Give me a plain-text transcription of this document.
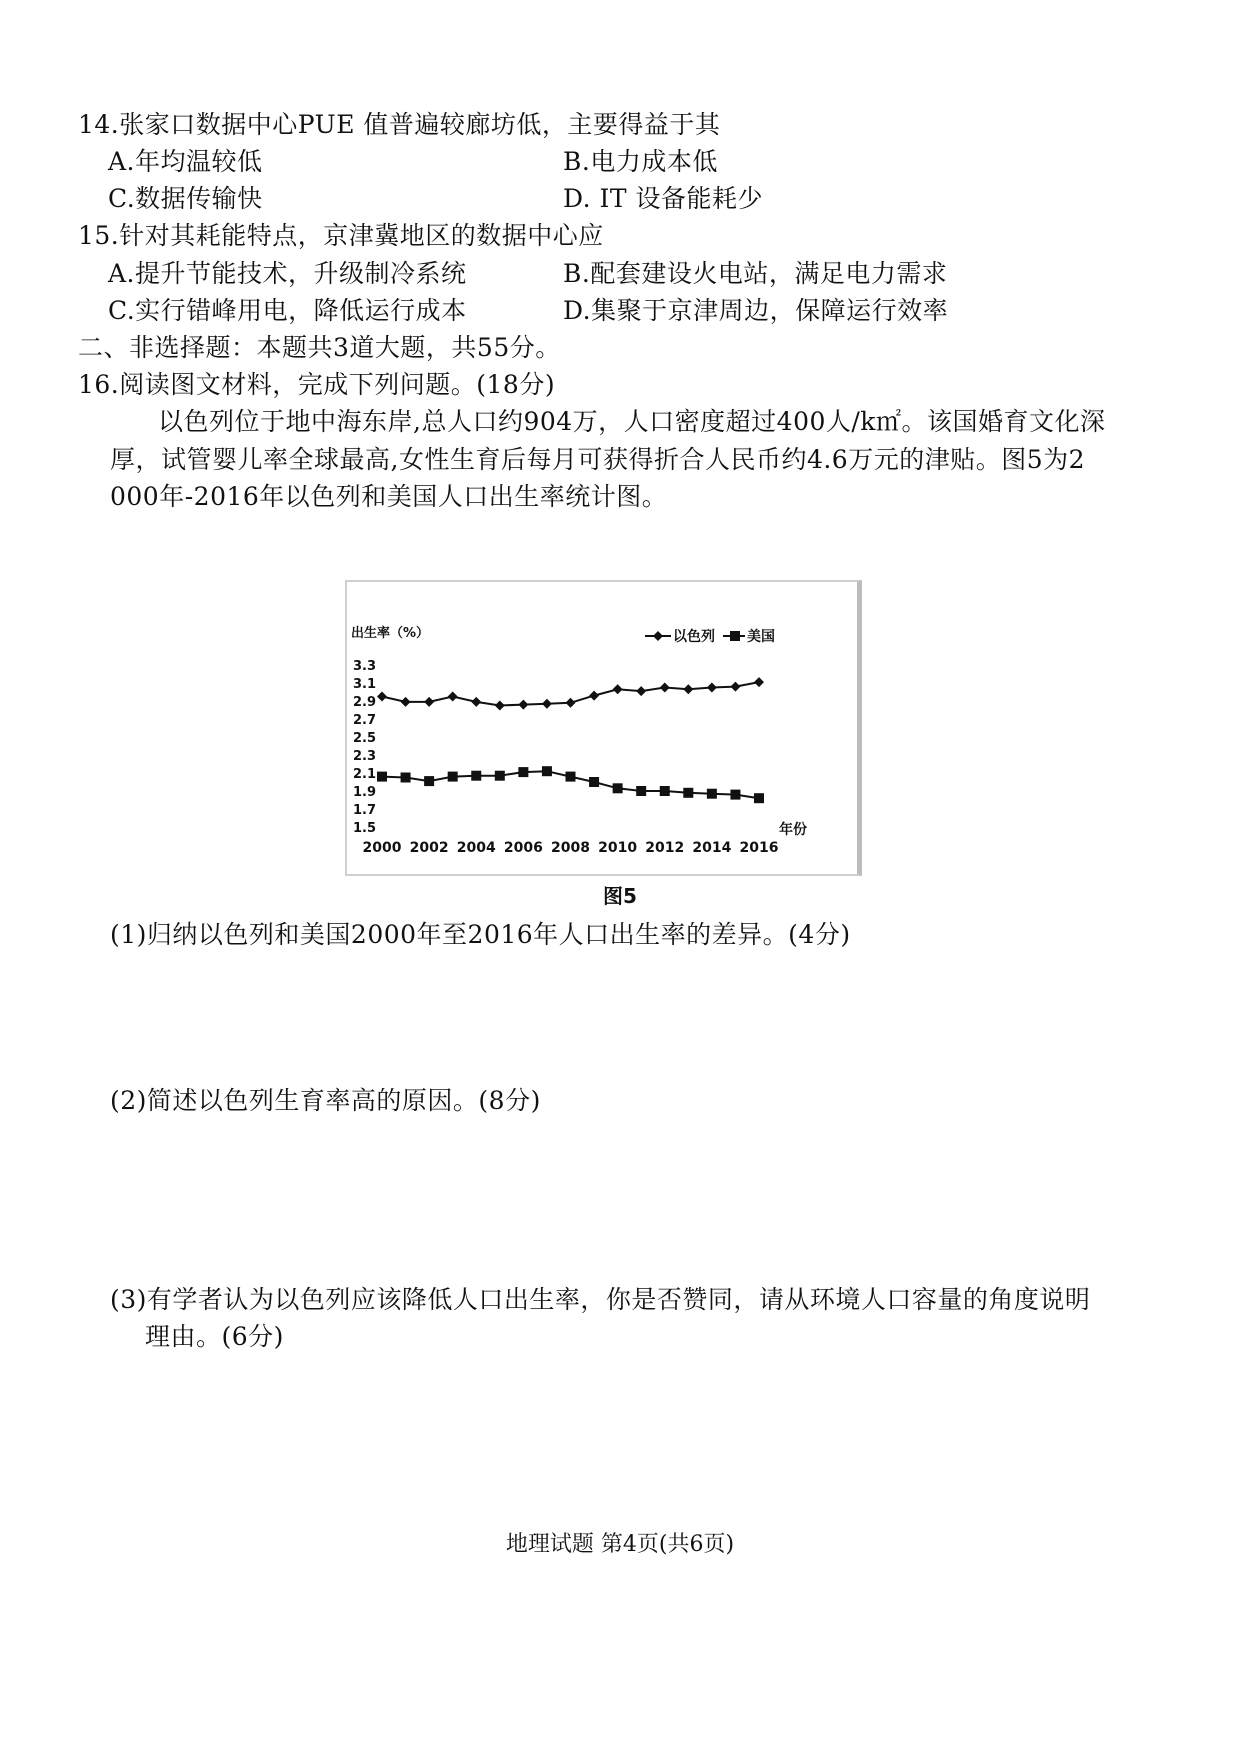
14.张家口数据中心PUE 值普遍较廊坊低，主要得益于其
A.年均温较低	B.电力成本低
C.数据传输快	D. IT 设备能耗少
15.针对其耗能特点，京津冀地区的数据中心应
A.提升节能技术，升级制冷系统	B.配套建设火电站，满足电力需求
C.实行错峰用电，降低运行成本	D.集聚于京津周边，保障运行效率
二、非选择题：本题共3道大题，共55分。
16.阅读图文材料，完成下列问题。(18分)
以色列位于地中海东岸,总人口约904万，人口密度超过400人/k㎡。该国婚育文化深
厚，试管婴儿率全球最高,女性生育后每月可获得折合人民币约4.6万元的津贴。图5为2
000年-2016年以色列和美国人口出生率统计图。
出生率（%）
3.3
3.1
2.9
2.7
2.5
2.3
2.1
1.9
1.7
1.5
2000 2002 2004 2006 2008 2010 2012 2014 2016
年份
以色列 美国
图5
(1)归纳以色列和美国2000年至2016年人口出生率的差异。(4分)
(2)简述以色列生育率高的原因。(8分)
(3)有学者认为以色列应该降低人口出生率，你是否赞同，请从环境人口容量的角度说明
理由。(6分)
地理试题 第4页(共6页)
